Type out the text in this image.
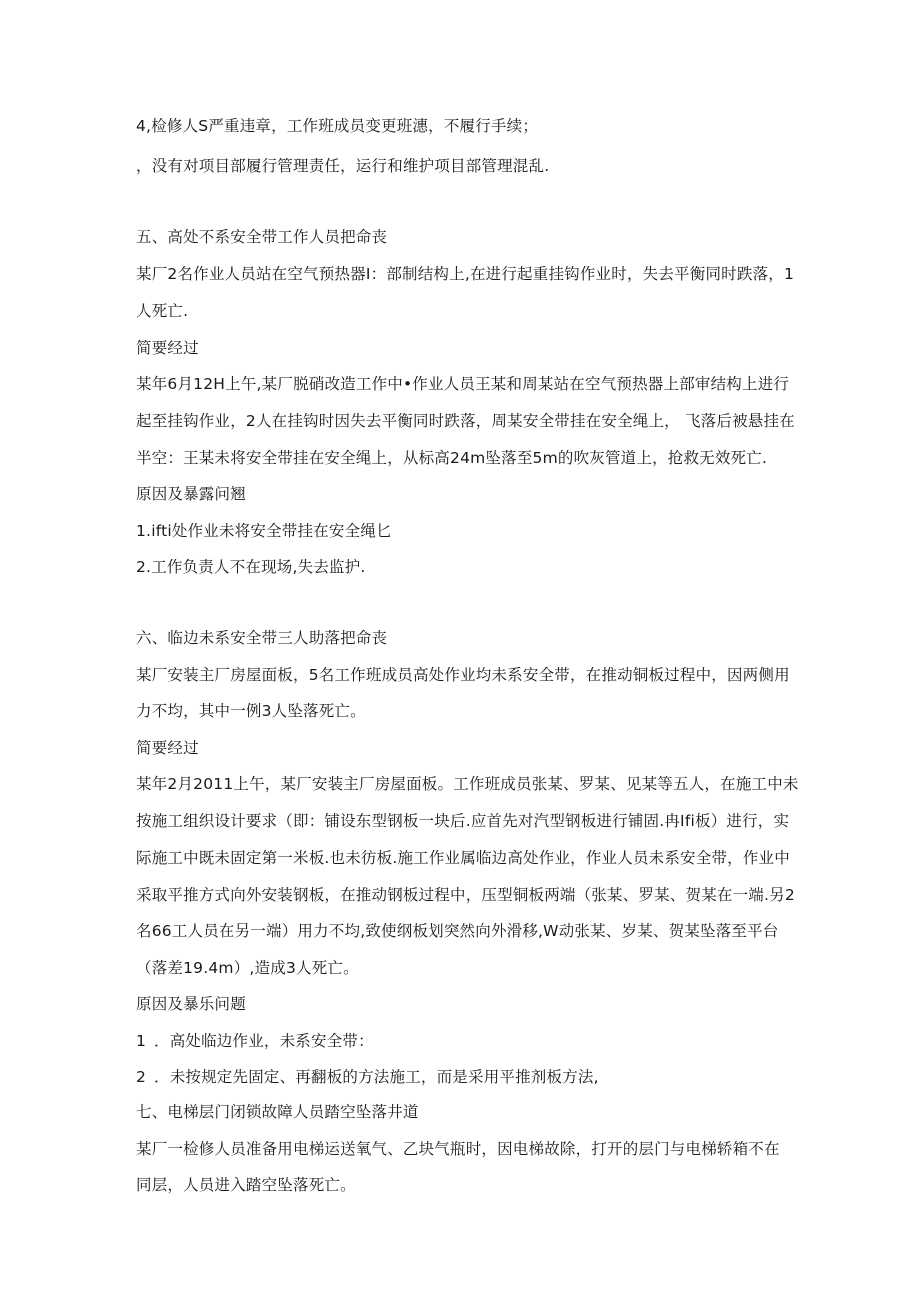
4,检修人S严重违章，工作班成员变更班潓，不履行手续；
，没有对项目部履行管理责任，运行和维护项目部管理混乱.
五、高处不系安全带工作人员把命丧
某厂2名作业人员站在空气预热器I：部制结构上,在进行起重挂钩作业时，失去平衡同时跌落，1
人死亡.
简要经过
某年6月12H上午,某厂脱硝改造工作中•作业人员王某和周某站在空气预热器上部审结构上进行
起至挂钩作业，2人在挂钩时因失去平衡同时跌落，周某安全带挂在安全绳上， 飞落后被悬挂在
半空：王某未将安全带挂在安全绳上，从标高24m坠落至5m的吹灰管道上，抢救无效死亡.
原因及暴露问翘
1.ifti处作业未将安全带挂在安全绳匕
2.工作负责人不在现场,失去监护.
六、临边未系安全带三人助落把命丧
某厂安装主厂房屋面板，5名工作班成员高处作业均未系安全带，在推动铜板过程中，因两侧用
力不均，其中一例3人坠落死亡。
简要经过
某年2月2011上午，某厂安装主厂房屋面板。工作班成员张某、罗某、见某等五人，在施工中未
按施工组织设计要求（即：铺设东型钢板一块后.应首先对汽型钢板进行铺固.冉Ifi板）进行，实
际施工中既未固定第一米板.也未彷板.施工作业属临边高处作业，作业人员未系安全带，作业中
采取平推方式向外安装钢板，在推动钢板过程中，压型铜板两端（张某、罗某、贺某在一端.另2
名66工人员在另一端）用力不均,致使纲板划突然向外滑移,W动张某、岁某、贺某坠落至平台
（落差19.4m）,造成3人死亡。
原因及暴乐问题
1 ．高处临边作业，未系安全带：
2 ．未按规定先固定、再翻板的方法施工，而是采用平推剂板方法,
七、电梯层门闭锁故障人员踏空坠落井道
某厂一检修人员准备用电梯运送氧气、乙块气瓶时，因电梯故除，打开的层门与电梯轿箱不在
同层，人员进入踏空坠落死亡。
